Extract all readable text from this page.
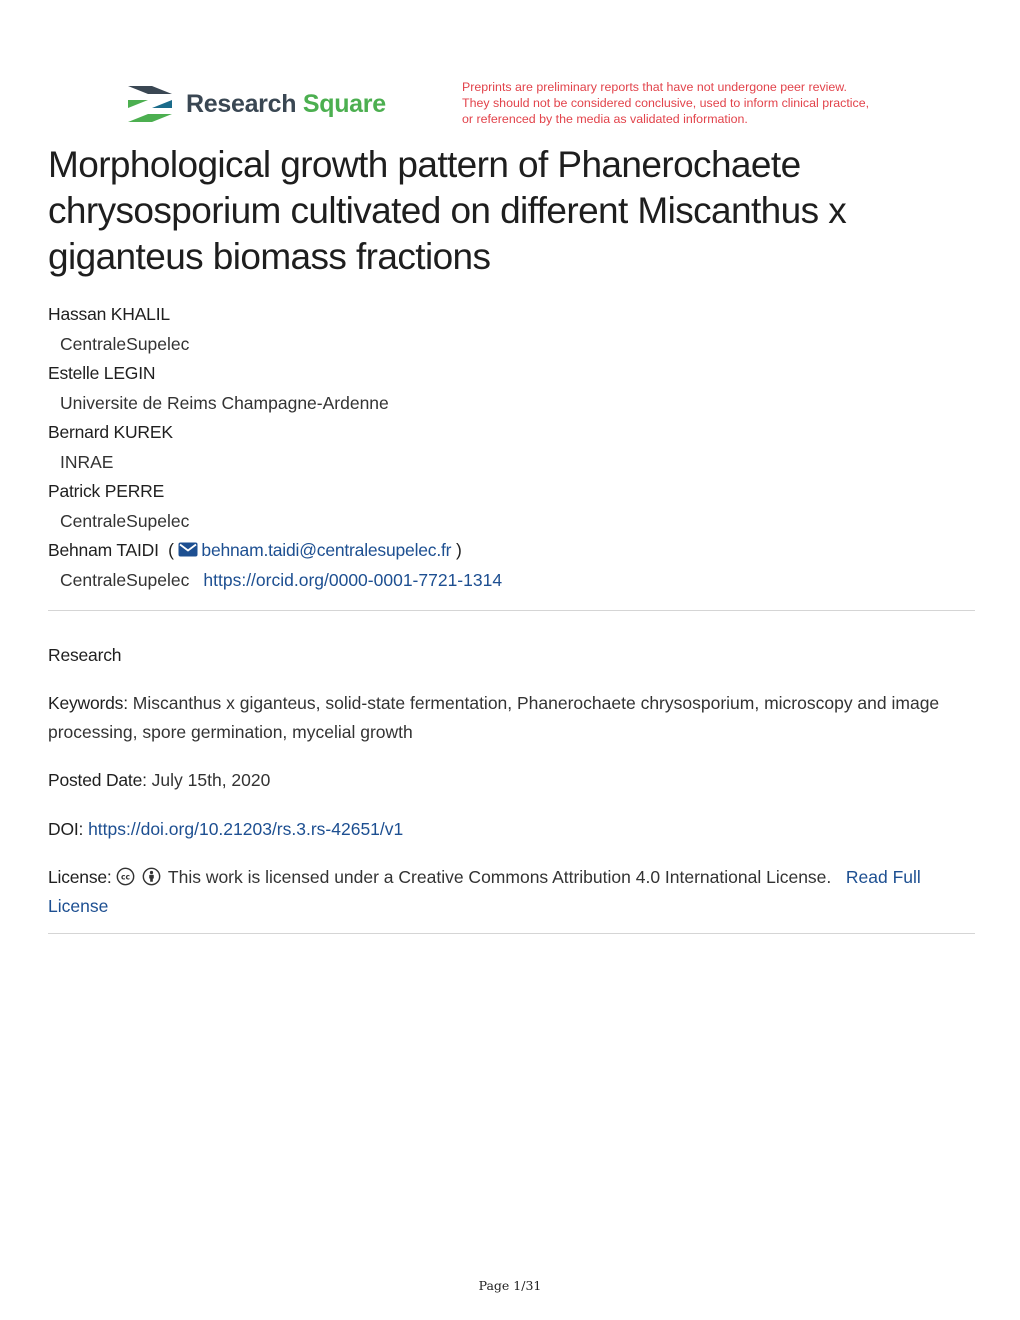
Research Square
Preprints are preliminary reports that have not undergone peer review.
They should not be considered conclusive, used to inform clinical practice,
or referenced by the media as validated information.
Morphological growth pattern of Phanerochaete chrysosporium cultivated on different Miscanthus x giganteus biomass fractions
Hassan KHALIL
CentraleSupelec
Estelle LEGIN
Universite de Reims Champagne-Ardenne
Bernard KUREK
INRAE
Patrick PERRE
CentraleSupelec
Behnam TAIDI ( behnam.taidi@centralesupelec.fr )
CentraleSupelec https://orcid.org/0000-0001-7721-1314
Research
Keywords: Miscanthus x giganteus, solid-state fermentation, Phanerochaete chrysosporium, microscopy and image processing, spore germination, mycelial growth
Posted Date: July 15th, 2020
DOI: https://doi.org/10.21203/rs.3.rs-42651/v1
License: cc This work is licensed under a Creative Commons Attribution 4.0 International License. Read Full License
Page 1/31
